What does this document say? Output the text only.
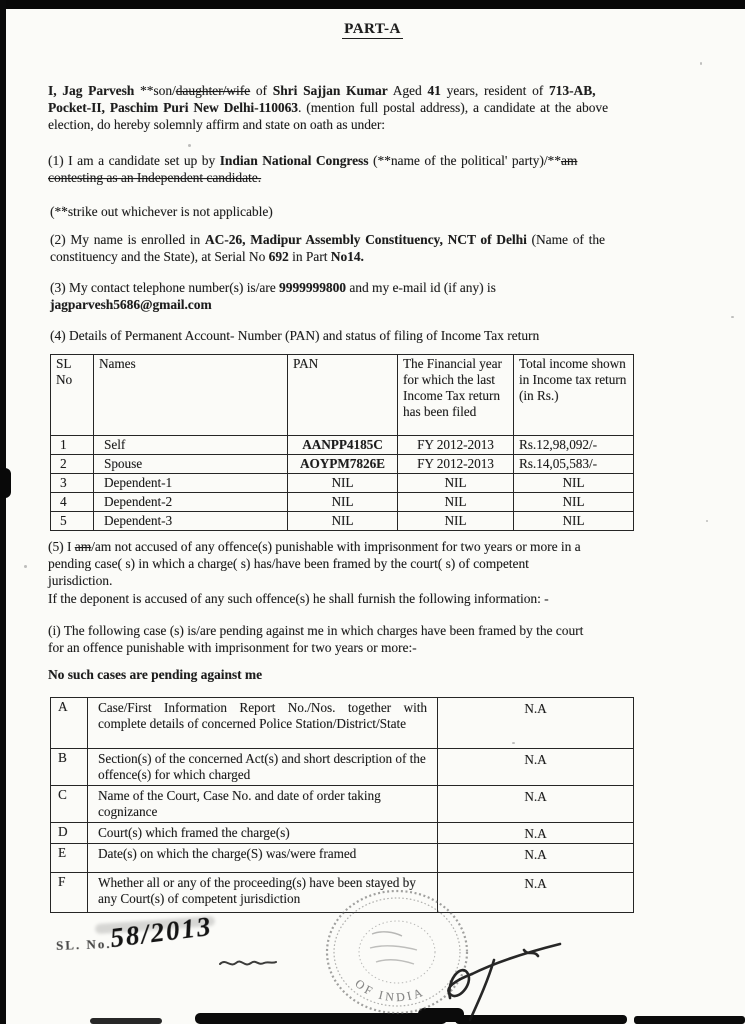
PART-A
I, Jag Parvesh **son/daughter/wife of Shri Sajjan Kumar Aged 41 years, resident of 713-AB,
Pocket-II, Paschim Puri New Delhi-110063. (mention full postal address), a candidate at the above
election, do hereby solemnly affirm and state on oath as under:
(1) I am a candidate set up by Indian National Congress (**name of the political' party)/**am
contesting as an Independent candidate.
(**strike out whichever is not applicable)
(2) My name is enrolled in AC-26, Madipur Assembly Constituency, NCT of Delhi (Name of the
constituency and the State), at Serial No 692 in Part No14.
(3) My contact telephone number(s) is/are 9999999800 and my e-mail id (if any) is
jagparvesh5686@gmail.com
(4) Details of Permanent Account- Number (PAN) and status of filing of Income Tax return
SL No	Names	PAN	The Financial year for which the last Income Tax return has been filed	Total income shown in Income tax return (in Rs.)
1	Self	AANPP4185C	FY 2012-2013	Rs.12,98,092/-
2	Spouse	AOYPM7826E	FY 2012-2013	Rs.14,05,583/-
3	Dependent-1	NIL	NIL	NIL
4	Dependent-2	NIL	NIL	NIL
5	Dependent-3	NIL	NIL	NIL
(5) I am/am not accused of any offence(s) punishable with imprisonment for two years or more in a
pending case( s) in which a charge( s) has/have been framed by the court( s) of competent
jurisdiction.
If the deponent is accused of any such offence(s) he shall furnish the following information: -
(i) The following case (s) is/are pending against me in which charges have been framed by the court
for an offence punishable with imprisonment for two years or more:-
No such cases are pending against me
A	Case/First Information Report No./Nos. together with complete details of concerned Police Station/District/State	N.A
B	Section(s) of the concerned Act(s) and short description of the offence(s) for which charged	N.A
C	Name of the Court, Case No. and date of order taking cognizance	N.A
D	Court(s) which framed the charge(s)	N.A
E	Date(s) on which the charge(S) was/were framed	N.A
F	Whether all or any of the proceeding(s) have been stayed by any Court(s) of competent jurisdiction	N.A
SL. No.
58/2013
OF INDIA
